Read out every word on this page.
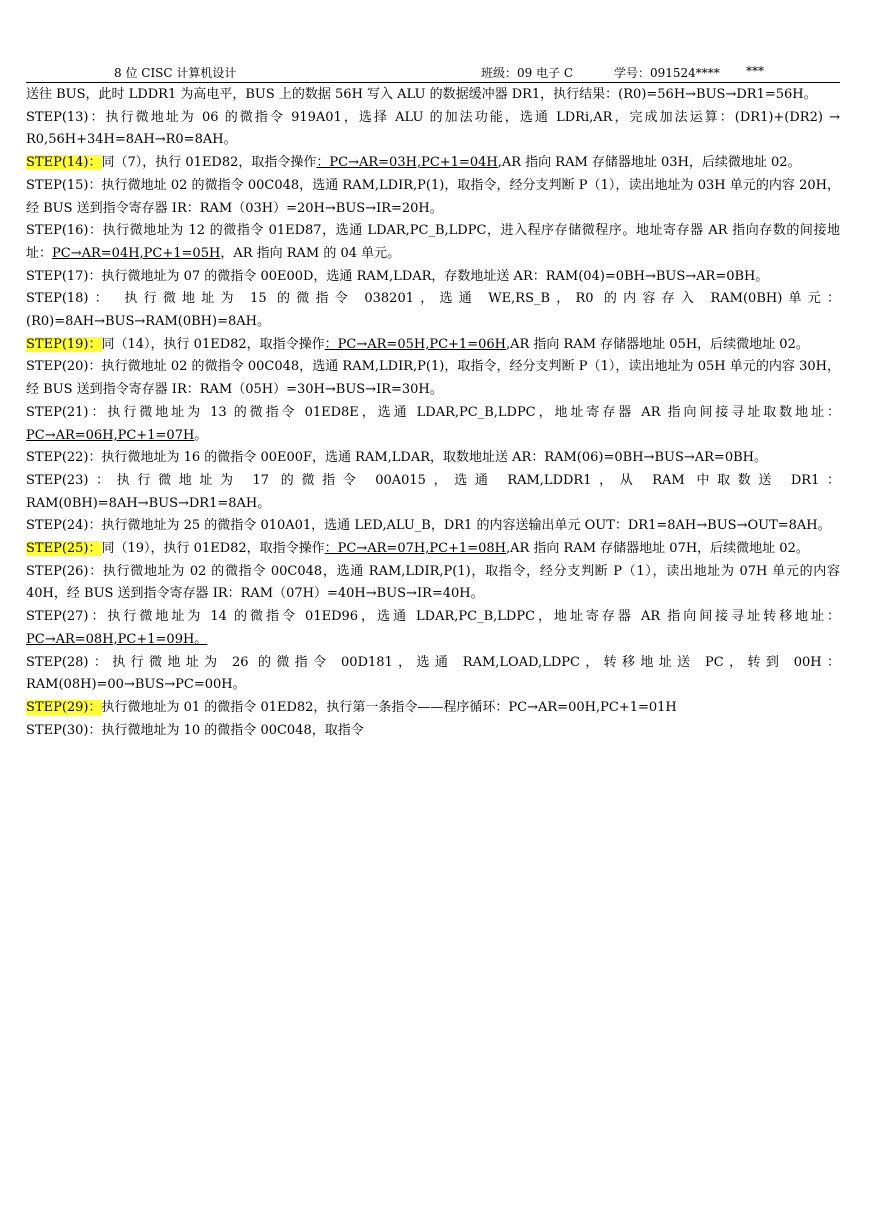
8 位 CISC 计算机设计	班级：09 电子 C	学号：091524**** ***

送往 BUS，此时 LDDR1 为高电平，BUS 上的数据 56H 写入 ALU 的数据缓冲器 DR1，执行结果：(R0)=56H→BUS→DR1=56H。

STEP(13)：执行微地址为 06 的微指令 919A01，选择 ALU 的加法功能，选通 LDRi,AR，完成加法运算：(DR1)+(DR2) → R0,56H+34H=8AH→R0=8AH。

STEP(14)：同（7），执行 01ED82，取指令操作：PC→AR=03H,PC+1=04H,AR 指向 RAM 存储器地址 03H，后续微地址 02。

STEP(15)：执行微地址 02 的微指令 00C048，选通 RAM,LDIR,P(1)，取指令，经分支判断 P（1），读出地址为 03H 单元的内容 20H，经 BUS 送到指令寄存器 IR：RAM（03H）=20H→BUS→IR=20H。

STEP(16)：执行微地址为 12 的微指令 01ED87，选通 LDAR,PC_B,LDPC，进入程序存储微程序。地址寄存器 AR 指向存数的间接地址：PC→AR=04H,PC+1=05H，AR 指向 RAM 的 04 单元。

STEP(17)：执行微地址为 07 的微指令 00E00D，选通 RAM,LDAR，存数地址送 AR：RAM(04)=0BH→BUS→AR=0BH。

STEP(18)： 执行微地址为 15 的微指令 038201，选通 WE,RS_B，R0 的内容存入 RAM(0BH)单元：(R0)=8AH→BUS→RAM(0BH)=8AH。

STEP(19)：同（14），执行 01ED82，取指令操作：PC→AR=05H,PC+1=06H,AR 指向 RAM 存储器地址 05H，后续微地址 02。

STEP(20)：执行微地址 02 的微指令 00C048，选通 RAM,LDIR,P(1)，取指令，经分支判断 P（1），读出地址为 05H 单元的内容 30H，经 BUS 送到指令寄存器 IR：RAM（05H）=30H→BUS→IR=30H。

STEP(21)：执行微地址为 13 的微指令 01ED8E，选通 LDAR,PC_B,LDPC，地址寄存器 AR 指向间接寻址取数地址：PC→AR=06H,PC+1=07H。

STEP(22)：执行微地址为 16 的微指令 00E00F，选通 RAM,LDAR，取数地址送 AR：RAM(06)=0BH→BUS→AR=0BH。

STEP(23)：执行微地址为 17 的微指令 00A015，选通 RAM,LDDR1，从 RAM 中取数送 DR1：RAM(0BH)=8AH→BUS→DR1=8AH。

STEP(24)：执行微地址为 25 的微指令 010A01，选通 LED,ALU_B，DR1 的内容送输出单元 OUT：DR1=8AH→BUS→OUT=8AH。

STEP(25)：同（19），执行 01ED82，取指令操作：PC→AR=07H,PC+1=08H,AR 指向 RAM 存储器地址 07H，后续微地址 02。

STEP(26)：执行微地址为 02 的微指令 00C048，选通 RAM,LDIR,P(1)，取指令，经分支判断 P（1），读出地址为 07H 单元的内容 40H，经 BUS 送到指令寄存器 IR：RAM（07H）=40H→BUS→IR=40H。

STEP(27)：执行微地址为 14 的微指令 01ED96，选通 LDAR,PC_B,LDPC，地址寄存器 AR 指向间接寻址转移地址：PC→AR=08H,PC+1=09H。

STEP(28)：执行微地址为 26 的微指令 00D181，选通 RAM,LOAD,LDPC，转移地址送 PC，转到 00H：RAM(08H)=00→BUS→PC=00H。

STEP(29)：执行微地址为 01 的微指令 01ED82，执行第一条指令——程序循环：PC→AR=00H,PC+1=01H

STEP(30)：执行微地址为 10 的微指令 00C048，取指令
